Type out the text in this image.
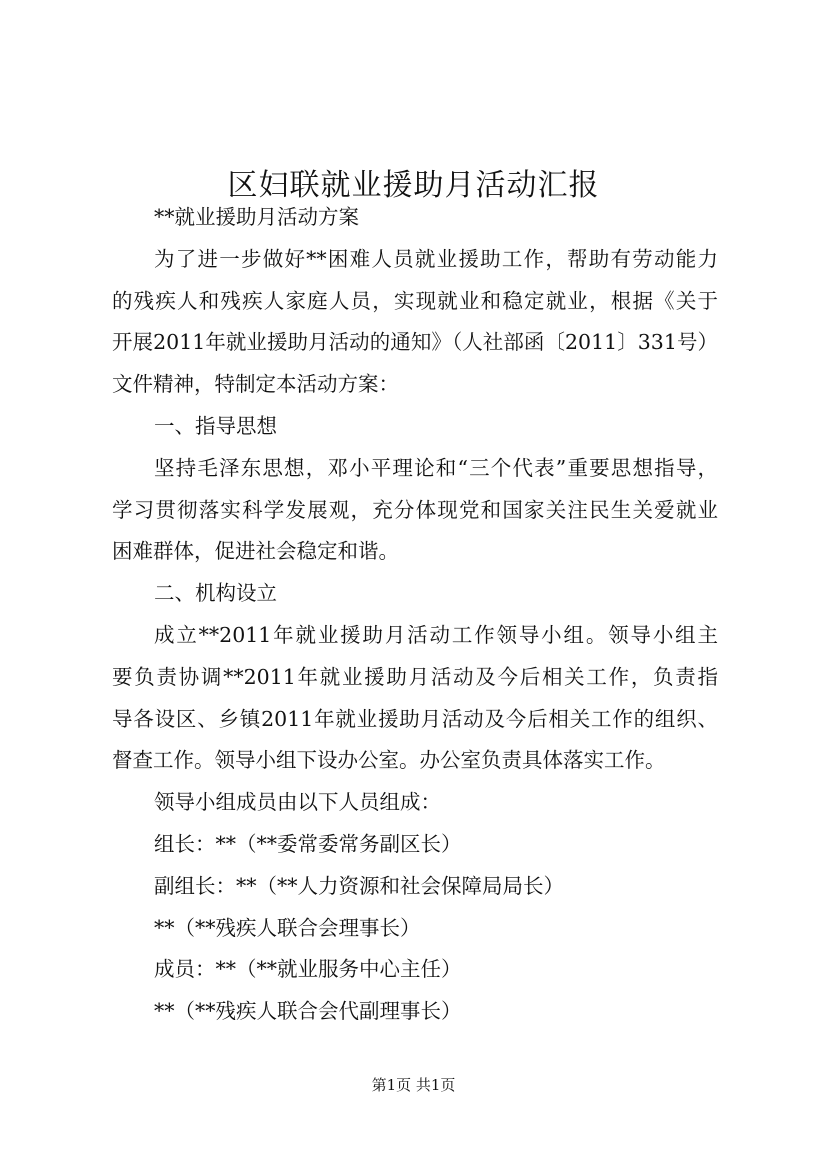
区妇联就业援助月活动汇报
**就业援助月活动方案
为了进一步做好**困难人员就业援助工作，帮助有劳动能力
的残疾人和残疾人家庭人员，实现就业和稳定就业，根据《关于
开展2011年就业援助月活动的通知》（人社部函〔2011〕331号）
文件精神，特制定本活动方案：
一、指导思想
坚持毛泽东思想，邓小平理论和“三个代表”重要思想指导，
学习贯彻落实科学发展观，充分体现党和国家关注民生关爱就业
困难群体，促进社会稳定和谐。
二、机构设立
成立**2011年就业援助月活动工作领导小组。领导小组主
要负责协调**2011年就业援助月活动及今后相关工作，负责指
导各设区、乡镇2011年就业援助月活动及今后相关工作的组织、
督查工作。领导小组下设办公室。办公室负责具体落实工作。
领导小组成员由以下人员组成：
组长：**（**委常委常务副区长）
副组长：**（**人力资源和社会保障局局长）
**（**残疾人联合会理事长）
成员：**（**就业服务中心主任）
**（**残疾人联合会代副理事长）
第1页 共1页
